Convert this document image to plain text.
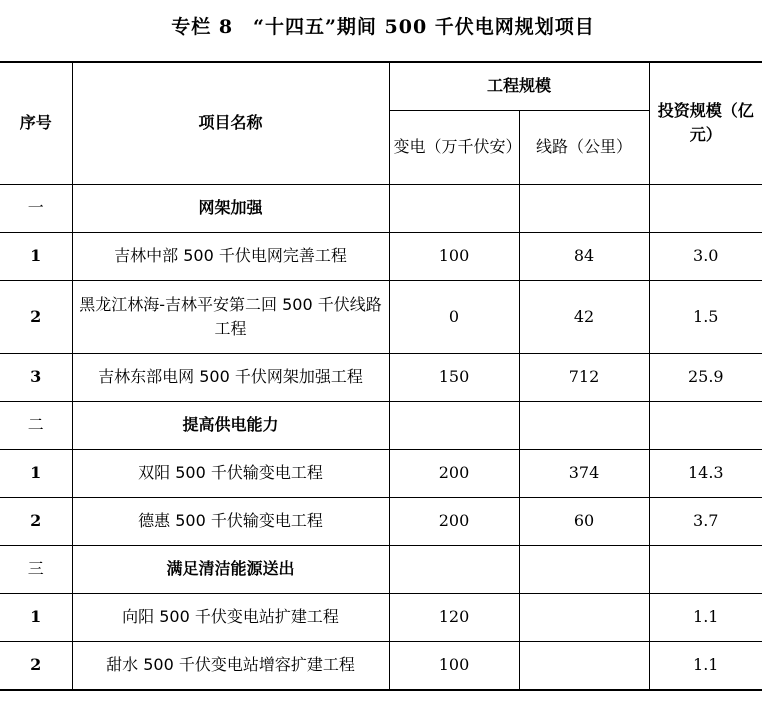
专栏 8　“十四五”期间 500 千伏电网规划项目
序号	项目名称	工程规模		投资规模（亿元）
		变电（万千伏安）	线路（公里）	
一	网架加强			
1	吉林中部 500 千伏电网完善工程	100	84	3.0
2	黑龙江林海-吉林平安第二回 500 千伏线路工程	0	42	1.5
3	吉林东部电网 500 千伏网架加强工程	150	712	25.9
二	提高供电能力			
1	双阳 500 千伏输变电工程	200	374	14.3
2	德惠 500 千伏输变电工程	200	60	3.7
三	满足清洁能源送出			
1	向阳 500 千伏变电站扩建工程	120		1.1
2	甜水 500 千伏变电站增容扩建工程	100		1.1
